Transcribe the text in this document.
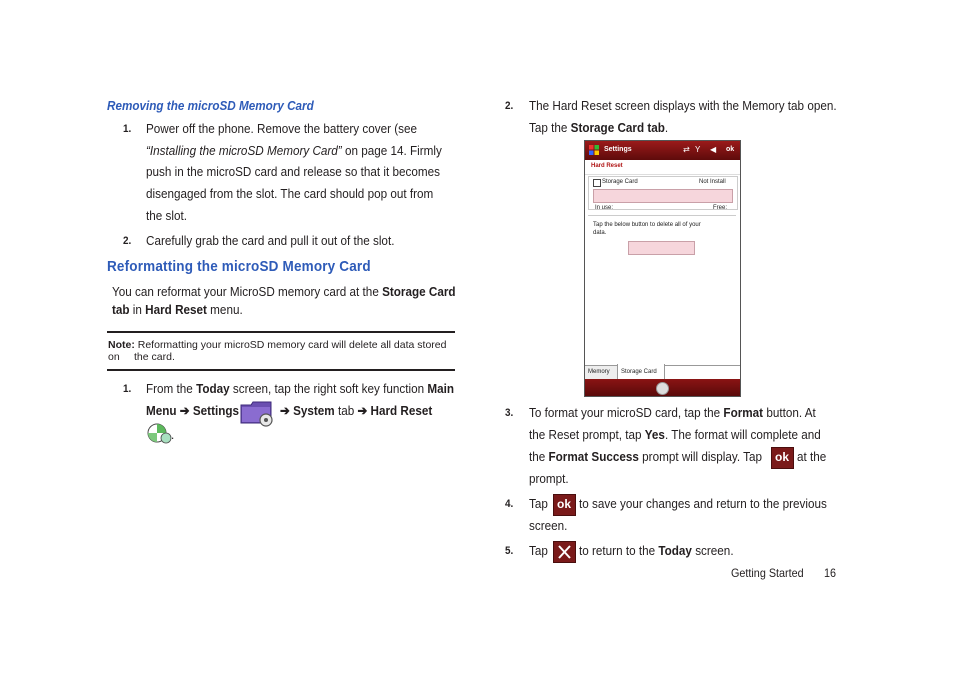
Removing the microSD Memory Card
1. Power off the phone. Remove the battery cover (see
“Installing the microSD Memory Card” on page 14. Firmly
push in the microSD card and release so that it becomes
disengaged from the slot. The card should pop out from
the slot.
2. Carefully grab the card and pull it out of the slot.
Reformatting the microSD Memory Card
You can reformat your MicroSD memory card at the Storage Card
tab in Hard Reset menu.
Note: Reformatting your microSD memory card will delete all data stored on	the card.
1. From the Today screen, tap the right soft key function Main
Menu ➔ Settings	➔ System tab ➔ Hard Reset
.
2. The Hard Reset screen displays with the Memory tab open.
Tap the Storage Card tab.
Settings	⇄ Y ◀ ok
Hard Reset
Storage Card	Not Install
In use:	Free:
Tap the below button to delete all of your
data.
Memory Storage Card
3. To format your microSD card, tap the Format button. At
the Reset prompt, tap Yes. The format will complete and
the Format Success prompt will display. Tap ok at the
prompt.
4. Tap ok to save your changes and return to the previous
screen.
5. Tap to return to the Today screen.
Getting Started 16
